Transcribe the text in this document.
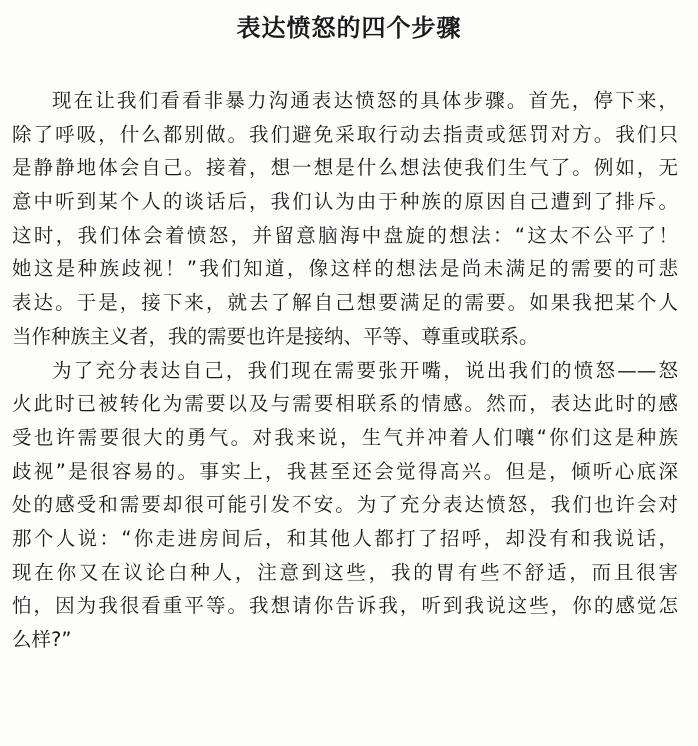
表达愤怒的四个步骤
现在让我们看看非暴力沟通表达愤怒的具体步骤。首先，停下来，
除了呼吸，什么都别做。我们避免采取行动去指责或惩罚对方。我们只
是静静地体会自己。接着，想一想是什么想法使我们生气了。例如，无
意中听到某个人的谈话后，我们认为由于种族的原因自己遭到了排斥。
这时，我们体会着愤怒，并留意脑海中盘旋的想法：“这太不公平了！
她这是种族歧视！”我们知道，像这样的想法是尚未满足的需要的可悲
表达。于是，接下来，就去了解自己想要满足的需要。如果我把某个人
当作种族主义者，我的需要也许是接纳、平等、尊重或联系。
为了充分表达自己，我们现在需要张开嘴，说出我们的愤怒——怒
火此时已被转化为需要以及与需要相联系的情感。然而，表达此时的感
受也许需要很大的勇气。对我来说，生气并冲着人们嚷“你们这是种族
歧视”是很容易的。事实上，我甚至还会觉得高兴。但是，倾听心底深
处的感受和需要却很可能引发不安。为了充分表达愤怒，我们也许会对
那个人说：“你走进房间后，和其他人都打了招呼，却没有和我说话，
现在你又在议论白种人，注意到这些，我的胃有些不舒适，而且很害
怕，因为我很看重平等。我想请你告诉我，听到我说这些，你的感觉怎
么样?”
